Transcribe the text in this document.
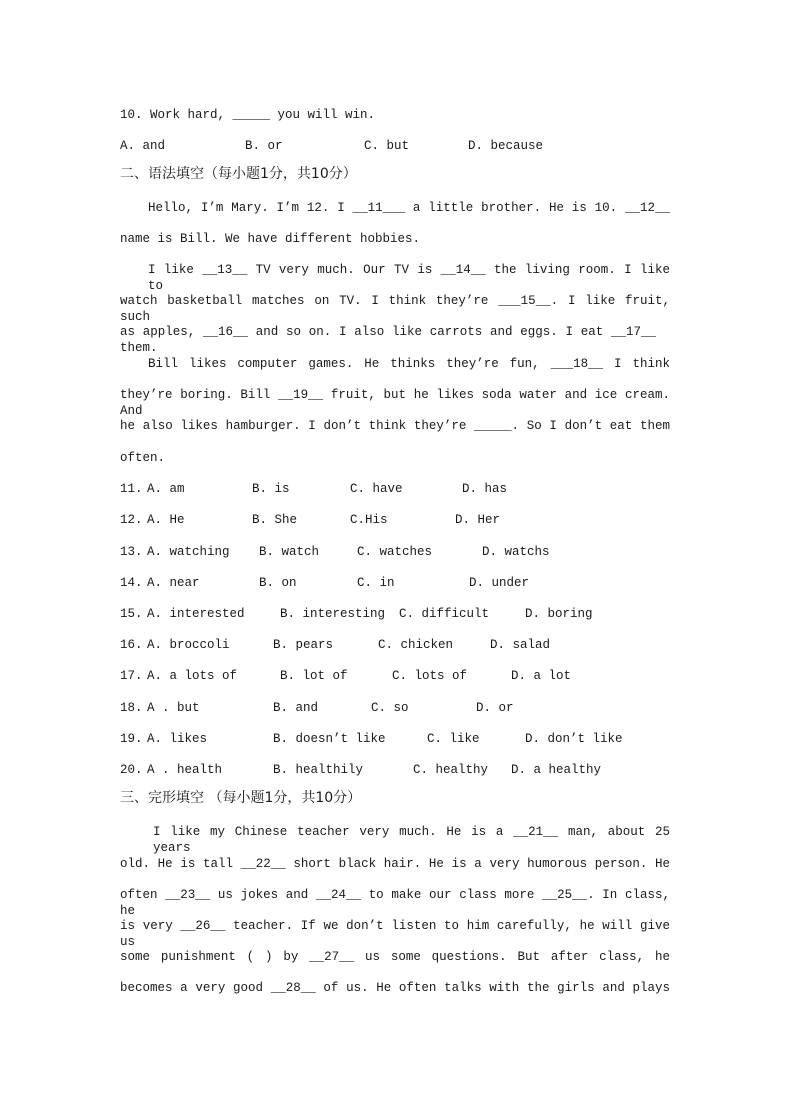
10. Work hard, _____ you will win.
A. and	B. or	C. but	D. because
二、语法填空（每小题1分，共10分）
Hello, I’m Mary. I’m 12. I __11___ a little brother. He is 10. __12__
name is Bill. We have different hobbies.
I like __13__ TV very much. Our TV is __14__ the living room. I like to
watch basketball matches on TV. I think they’re ___15__. I like fruit, such
as apples, __16__ and so on. I also like carrots and eggs. I eat __17__ them.
Bill likes computer games. He thinks they’re fun, ___18__ I think
they’re boring. Bill __19__ fruit, but he likes soda water and ice cream. And
he also likes hamburger. I don’t think they’re _____. So I don’t eat them
often.
11. A. am	B. is	C. have	D. has
12. A. He	B. She	C.His	D. Her
13. A. watching B. watch	C. watches	D. watchs
14. A. near	B. on	C. in	D. under
15. A. interested	B. interesting C. difficult	D. boring
16. A. broccoli	B. pears	C. chicken	D. salad
17. A. a lots of	B. lot of	C. lots of	D. a lot
18. A . but	B. and	C. so	D. or
19. A. likes	B. doesn’t like	C. like	D. don’t like
20. A . health	B. healthily	C. healthy D. a healthy
三、完形填空 （每小题1分，共10分）
I like my Chinese teacher very much. He is a __21__ man, about 25 years
old. He is tall __22__ short black hair. He is a very humorous person. He
often __23__ us jokes and __24__ to make our class more __25__. In class, he
is very __26__ teacher. If we don’t listen to him carefully, he will give us
some punishment ( ) by __27__ us some questions. But after class, he
becomes a very good __28__ of us. He often talks with the girls and plays
